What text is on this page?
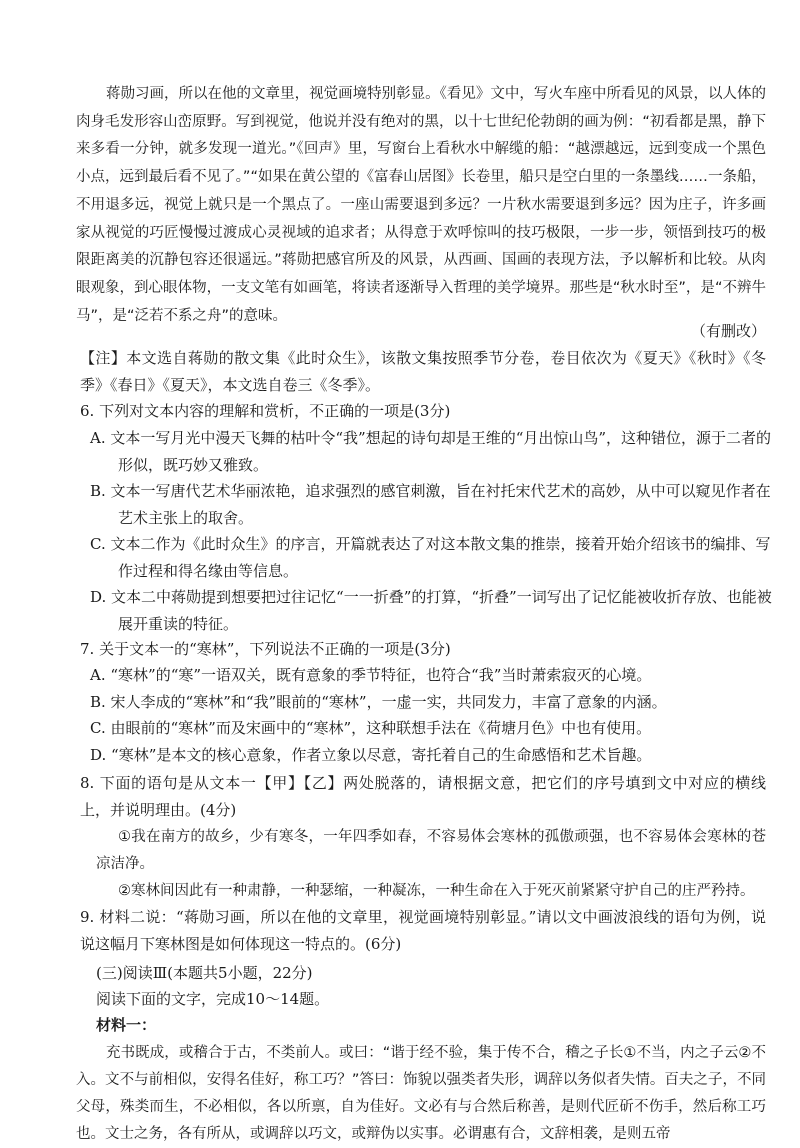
蒋勋习画，所以在他的文章里，视觉画境特别彰显。《看见》文中，写火车座中所看见的风景，以人体的肉身毛发形容山峦原野。写到视觉，他说并没有绝对的黑，以十七世纪伦勃朗的画为例：“初看都是黑，静下来多看一分钟，就多发现一道光。”《回声》里，写窗台上看秋水中解缆的船：“越漂越远，远到变成一个黑色小点，远到最后看不见了。”“如果在黄公望的《富春山居图》长卷里，船只是空白里的一条墨线……一条船，不用退多远，视觉上就只是一个黑点了。一座山需要退到多远？一片秋水需要退到多远？因为庄子，许多画家从视觉的巧匠慢慢过渡成心灵视域的追求者；从得意于欢呼惊叫的技巧极限，一步一步，领悟到技巧的极限距离美的沉静包容还很遥远。”蒋勋把感官所及的风景，从西画、国画的表现方法，予以解析和比较。从肉眼观象，到心眼体物，一支文笔有如画笔，将读者逐渐导入哲理的美学境界。那些是“秋水时至”，是“不辨牛马”，是“泛若不系之舟”的意味。

（有删改）

【注】本文选自蒋勋的散文集《此时众生》，该散文集按照季节分卷，卷目依次为《夏天》《秋时》《冬季》《春日》《夏天》，本文选自卷三《冬季》。

6. 下列对文本内容的理解和赏析，不正确的一项是(3分)
A. 文本一写月光中漫天飞舞的枯叶令“我”想起的诗句却是王维的“月出惊山鸟”，这种错位，源于二者的形似，既巧妙又雅致。
B. 文本一写唐代艺术华丽浓艳，追求强烈的感官刺激，旨在衬托宋代艺术的高妙，从中可以窥见作者在艺术主张上的取舍。
C. 文本二作为《此时众生》的序言，开篇就表达了对这本散文集的推崇，接着开始介绍该书的编排、写作过程和得名缘由等信息。
D. 文本二中蒋勋提到想要把过往记忆“一一折叠”的打算，“折叠”一词写出了记忆能被收折存放、也能被展开重读的特征。
7. 关于文本一的“寒林”，下列说法不正确的一项是(3分)
A. “寒林”的“寒”一语双关，既有意象的季节特征，也符合“我”当时萧索寂灭的心境。
B. 宋人李成的“寒林”和“我”眼前的“寒林”，一虚一实，共同发力，丰富了意象的内涵。
C. 由眼前的“寒林”而及宋画中的“寒林”，这种联想手法在《荷塘月色》中也有使用。
D. “寒林”是本文的核心意象，作者立象以尽意，寄托着自己的生命感悟和艺术旨趣。

8. 下面的语句是从文本一【甲】【乙】两处脱落的，请根据文意，把它们的序号填到文中对应的横线上，并说明理由。(4分)

①我在南方的故乡，少有寒冬，一年四季如春，不容易体会寒林的孤傲顽强，也不容易体会寒林的苍凉洁净。

②寒林间因此有一种肃静，一种瑟缩，一种凝冻，一种生命在入于死灭前紧紧守护自己的庄严矜持。

9. 材料二说：“蒋勋习画，所以在他的文章里，视觉画境特别彰显。”请以文中画波浪线的语句为例，说说这幅月下寒林图是如何体现这一特点的。(6分)

(三)阅读Ⅲ(本题共5小题，22分)
阅读下面的文字，完成10～14题。
材料一：

充书既成，或稽合于古，不类前人。或曰：“谐于经不验，集于传不合，稽之子长①不当，内之子云②不入。文不与前相似，安得名佳好，称工巧？”答曰：饰貌以强类者失形，调辞以务似者失情。百夫之子，不同父母，殊类而生，不必相似，各以所禀，自为佳好。文必有与合然后称善，是则代匠斫不伤手，然后称工巧也。文士之务，各有所从，或调辞以巧文，或辩伪以实事。必谓惠有合，文辞相袭，是则五帝
